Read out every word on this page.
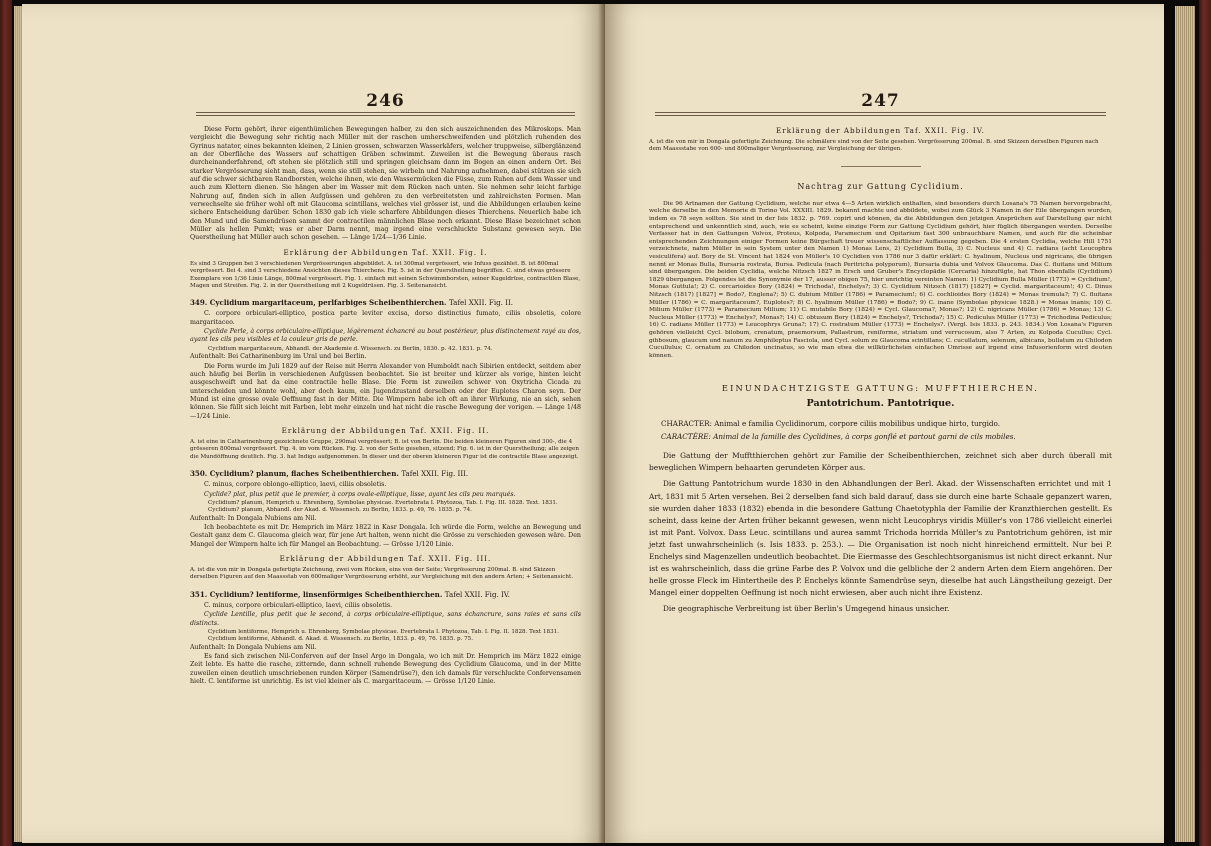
246

Diese Form gehört, ihrer eigenthümlichen Bewegungen halber, zu den sich auszeichnenden des Mikroskops. Man vergleicht die Bewegung sehr richtig nach Müller mit der raschen umherschweifenden und plötzlich ruhenden des Gyrinus natator, eines bekannten kleinen, 2 Linien grossen, schwarzen Wasserkäfers, welcher truppweise, silberglänzend an der Oberfläche des Wassers auf schattigen Gräben schwimmt. Zuweilen ist die Bewegung überaus rasch durcheinanderfahrend, oft stehen sie plötzlich still und springen gleichsam dann im Bogen an einen andern Ort. Bei starker Vergrösserung sieht man, dass, wenn sie still stehen, sie wirbeln und Nahrung aufnehmen, dabei stützen sie sich auf die schwer sichtbaren Randborsten, welche ihnen, wie den Wassermücken die Füsse, zum Ruhen auf dem Wasser und auch zum Klettern dienen. Sie hängen aber im Wasser mit dem Rücken nach unten. Sie nehmen sehr leicht farbige Nahrung auf, finden sich in allen Aufgüssen und gehören zu den verbreitetsten und zahlreichsten Formen. Man verwechselte sie früher wohl oft mit Glaucoma scintillans, welches viel grösser ist, und die Abbildungen erlauben keine sichere Entscheidung darüber. Schon 1830 gab ich viele scharfere Abbildungen dieses Thierchens. Neuerlich habe ich den Mund und die Samendrüsen sammt der contractilen männlichen Blase noch erkannt. Diese Blase bezeichnet schon Müller als hellen Punkt; was er aber Darm nennt, mag irgend eine verschluckte Substanz gewesen seyn. Die Querstheilung hat Müller auch schon gesehen. — Länge 1/24—1/36 Linie.

Erklärung der Abbildungen Taf. XXII. Fig. I.

Es sind 3 Gruppen bei 3 verschiedenen Vergrösserungen abgebildet. A. ist 300mal vergrössert, wie Infuss gezählet. B. ist 800mal vergrössert. Bei 4. sind 3 verschiedene Ansichten dieses Thierchens. Fig. 5. ist in der Querstheilung begriffen. C. sind etwas grössere Exemplare von 1/36 Linie Länge, 800mal vergrössert. Fig. 1. einfach mit seinen Schwimmborsten, seiner Kugeldrüse, contractilen Blase, Magen und Streifen. Fig. 2. in der Querstheilung mit 2 Kugeldrüsen. Fig. 3. Seitenansicht.

349. Cyclidium margaritaceum, perlfarbiges Scheibenthierchen. Tafel XXII. Fig. II.

C. corpore orbiculari-elliptico, postica parte leviter excisa, dorso distinctius fumato, ciliis obsoletis, colore margaritaceo.

Cyclide Perle, à corps orbiculaire-elliptique, légèrement échancré au bout postérieur, plus distinctement rayé au dos, ayant les cils peu visibles et la couleur gris de perle.

Cyclidium margaritaceum, Abhandl. der Akademie d. Wissensch. zu Berlin, 1830. p. 42. 1831. p. 74.

Aufenthalt: Bei Catharinenburg im Ural und bei Berlin.

Die Form wurde im Juli 1829 auf der Reise mit Herrn Alexander von Humboldt nach Sibirien entdeckt, seitdem aber auch häufig bei Berlin in verschiedenen Aufgüssen beobachtet. Sie ist breiter und kürzer als vorige, hinten leicht ausgeschweift und hat da eine contractile helle Blase. Die Form ist zuweilen schwer von Oxytricha Cicada zu unterscheiden und könnte wohl, aber doch kaum, ein Jugendzustand derselben oder der Euplotes Charon seyn. Der Mund ist eine grosse ovale Oeffnung fast in der Mitte. Die Wimpern habe ich oft an ihrer Wirkung, nie an sich, sehen können. Sie füllt sich leicht mit Farben, lebt mehr einzeln und hat nicht die rasche Bewegung der vorigen. — Länge 1/48—1/24 Linie.

Erklärung der Abbildungen Taf. XXII. Fig. II.

A. ist eine in Catharinenburg gezeichnete Gruppe, 290mal vergrössert; B. ist von Berlin. Die beiden kleineren Figuren sind 300-, die 4 grösseren 800mal vergrössert. Fig. 4. im vom Rücken. Fig. 2. von der Seite gesehen, sitzend; Fig. 6. ist in der Querstheilung; alle zeigen die Mundöffnung deutlich. Fig. 3. hat Indigo aufgenommen. In dieser und der oberen kleineren Figur ist die contractile Blase angezeigt.

350. Cyclidium? planum, flaches Scheibenthierchen. Tafel XXII. Fig. III.

C. minus, corpore oblongo-elliptico, laevi, ciliis obsoletis.

Cyclide? plat, plus petit que le premier, à corps ovale-elliptique, lisse, ayant les cils peu marqués.

Cyclidium? planum, Hemprich u. Ehrenberg, Symbolae physicae. Evertebrata I. Phytozoa, Tab. I. Fig. III. 1828. Text. 1831. Cyclidium? planum, Abhandl. der Akad. d. Wissensch. zu Berlin, 1833. p. 49, 76. 1835. p. 74.

Aufenthalt: In Dongala Nubiens am Nil.

Ich beobachtete es mit Dr. Hemprich im März 1822 in Kasr Dongala. Ich würde die Form, welche an Bewegung und Gestalt ganz dem C. Glaucoma gleich war, für jene Art halten, wenn nicht die Grösse zu verschieden gewesen wäre. Den Mangel der Wimpern halte ich für Mangel an Beobachtung. — Grösse 1/120 Linie.

Erklärung der Abbildungen Taf. XXII. Fig. III.

A. ist die von mir in Dongala gefertigte Zeichnung, zwei vom Rücken, eins von der Seite; Vergrösserung 200mal. B. sind Skizzen derselben Figuren auf den Maassstab von 600maliger Vergrösserung erhöht, zur Vergleichung mit den andern Arten; + Seitenansicht.

351. Cyclidium? lentiforme, linsenförmiges Scheibenthierchen. Tafel XXII. Fig. IV.

C. minus, corpore orbiculari-elliptico, laevi, ciliis obsoletis.

Cyclide Lentille, plus petit que le second, à corps orbiculaire-elliptique, sans échancrure, sans raies et sans cils distincts.

Cyclidium lentiforme, Hemprich u. Ehrenberg, Symbolae physicae. Evertebrata I. Phytozoa, Tab. I. Fig. II. 1828. Text 1831. Cyclidium lentiforme, Abhandl. d. Akad. d. Wissensch. zu Berlin, 1833. p. 49, 76. 1835. p. 75.

Aufenthalt: In Dongala Nubiens am Nil.

Es fand sich zwischen Nil-Conferven auf der Insel Argo in Dongala, wo ich mit Dr. Hemprich im März 1822 einige Zeit lebte. Es hatte die rasche, zitternde, dann schnell ruhende Bewegung des Cyclidium Glaucoma, und in der Mitte zuweilen einen deutlich umschriebenen runden Körper (Samendrüse?), den ich damals für verschluckte Confervensamen hielt. C. lentiforme ist unrichtig. Es ist viel kleiner als C. margaritaceum. — Grösse 1/120 Linie.

247

Erklärung der Abbildungen Taf. XXII. Fig. IV.

A. ist die von mir in Dongala gefertigte Zeichnung. Die schmälere sind von der Seite gesehen. Vergrösserung 200mal. B. sind Skizzen derselben Figuren nach dem Maassstabe von 600- und 800maliger Vergrösserung, zur Vergleichung der übrigen.

Nachtrag zur Gattung Cyclidium.

Die 96 Artnamen der Gattung Cyclidium, welche nur etwa 4—5 Arten wirklich enthalten, sind besonders durch Losana's 75 Namen hervorgebracht, welche derselbe in den Memorie di Torino Vol. XXXIII. 1829. bekannt machte und abbildete, wobei zum Glück 3 Namen in der Eile übergangen wurden, indem es 78 seyn sollten. Sie sind in der Isis 1832. p. 769. copirt und können, da die Abbildungen den jetzigen Ansprüchen auf Darstellung gar nicht entsprechend und unkenntlich sind, auch, wie es scheint, keine einzige Form zur Gattung Cyclidium gehört, hier füglich übergangen werden. Derselbe Verfasser hat in den Gattungen Volvox, Proteus, Kolpoda, Paramecium und Opitarium fast 300 unbrauchbare Namen, und auch für die scheinbar entsprechenden Zeichnungen einiger Formen keine Bürgschaft treuer wissenschaftlicher Auffassung gegeben. Die 4 ersten Cyclidia, welche Hill 1751 verzeichnete, nahm Müller in sein System unter den Namen 1) Monas Lens, 2) Cyclidium Bulla, 3) C. Nucleus und 4) C. radians (acht Leucophra vesiculifera) auf. Bory de St. Vincent hat 1824 von Müller's 10 Cyclidien von 1786 nur 3 dafür erklärt: C. hyalinum, Nucleus und nigricans, die übrigen nennt er Monas Bulla, Bursaria rostrata, Bursa. Pedicula (nach Peritricha polyporum), Bursaria dubia und Volvox Glaucoma. Das C. fluitans und Milium sind übergangen. Die beiden Cyclidia, welche Nitzsch 1827 in Ersch und Gruber's Encyclopädie (Cercaria) hinzufügte, hat Thon ebenfalls (Cyclidium) 1829 übergangen. Folgendes ist die Synonymie der 17, ausser obigen 75, hier unrichtig vereinten Namen: 1) Cyclidium Bulla Müller (1773) = Cyclidium!, Monas Guttula!; 2) C. cercarioides Bory (1824) = Trichoda!, Enchelys?; 3) C. Cyclidium Nitzsch (1817) [1827] = Cyclid. margaritaceum!; 4) C. Dinus Nitzsch (1817) [1827] = Bodo?, Englena?; 5) C. dubium Müller (1786) = Paramecium!; 6) C. cochlioides Bory (1824) = Monas tremula?; 7) C. fluitans Müller (1786) = C. margaritaceum?, Euplotes?; 8) C. hyalinum Müller (1786) = Bodo?; 9) C. inane (Symbolae physicae 1828.) = Monas inanis; 10) C. Milium Müller (1773) = Paramecium Milium; 11) C. mutabile Bory (1824) = Cycl. Glaucoma?, Monas?; 12) C. nigricans Müller (1786) = Monas; 13) C. Nucleus Müller (1773) = Enchelys?, Monas?; 14) C. obtusum Bory (1824) = Enchelys?, Trichoda?; 15) C. Pediculus Müller (1773) = Trichodina Pediculus; 16) C. radians Müller (1773) = Leucophrys Gruna?; 17) C. rostratum Müller (1773) = Enchelys?. (Vergl. Isis 1833. p. 243. 1834.) Von Losana's Figuren gehören vielleicht Cycl. bilobum, crenatum, praemorsum, Pallastrum, reniforme, striatum und verrucosum, also 7 Arten, zu Kolpoda Cucullus; Cycl. gibbosum, glaucum und nanum zu Amphileptus Fasciola, und Cycl. solum zu Glaucoma scintillans; C. cucullatum, selenum, albicans, bullatum zu Chilodon Cucullulus; C. ornatum zu Chilodon uncinatus, so wie man etwa die willkürlichsten einfachen Umrisse auf irgend eine Infusorienform wird deuten können.

EINUNDACHTZIGSTE GATTUNG: MUFFTHIERCHEN.

Pantotrichum. Pantotrique.

CHARACTER: Animal e familia Cyclidinorum, corpore ciliis mobilibus undique hirto, turgido.

CARACTÈRE: Animal de la famille des Cyclidines, à corps gonflé et partout garni de cils mobiles.

Die Gattung der Mufftthierchen gehört zur Familie der Scheibenthierchen, zeichnet sich aber durch überall mit beweglichen Wimpern behaarten gerundeten Körper aus.

Die Gattung Pantotrichum wurde 1830 in den Abhandlungen der Berl. Akad. der Wissenschaften errichtet und mit 1 Art, 1831 mit 5 Arten versehen. Bei 2 derselben fand sich bald darauf, dass sie durch eine harte Schaale gepanzert waren, sie wurden daher 1833 (1832) ebenda in die besondere Gattung Chaetotyphla der Familie der Kranzthierchen gestellt. Es scheint, dass keine der Arten früher bekannt gewesen, wenn nicht Leucophrys viridis Müller's von 1786 vielleicht einerlei ist mit Pant. Volvox. Dass Leuc. scintillans und aurea sammt Trichoda horrida Müller's zu Pantotrichum gehören, ist mir jetzt fast unwahrscheinlich (s. Isis 1833. p. 253.). — Die Organisation ist noch nicht hinreichend ermittelt. Nur bei P. Enchelys sind Magenzellen undeutlich beobachtet. Die Eiermasse des Geschlechtsorganismus ist nicht direct erkannt. Nur ist es wahrscheinlich, dass die grüne Farbe des P. Volvox und die gelbliche der 2 andern Arten dem Eiern angehören. Der helle grosse Fleck im Hintertheile des P. Enchelys könnte Samendrüse seyn, dieselbe hat auch Längstheilung gezeigt. Der Mangel einer doppelten Oeffnung ist noch nicht erwiesen, aber auch nicht ihre Existenz.

Die geographische Verbreitung ist über Berlin's Umgegend hinaus unsicher.
